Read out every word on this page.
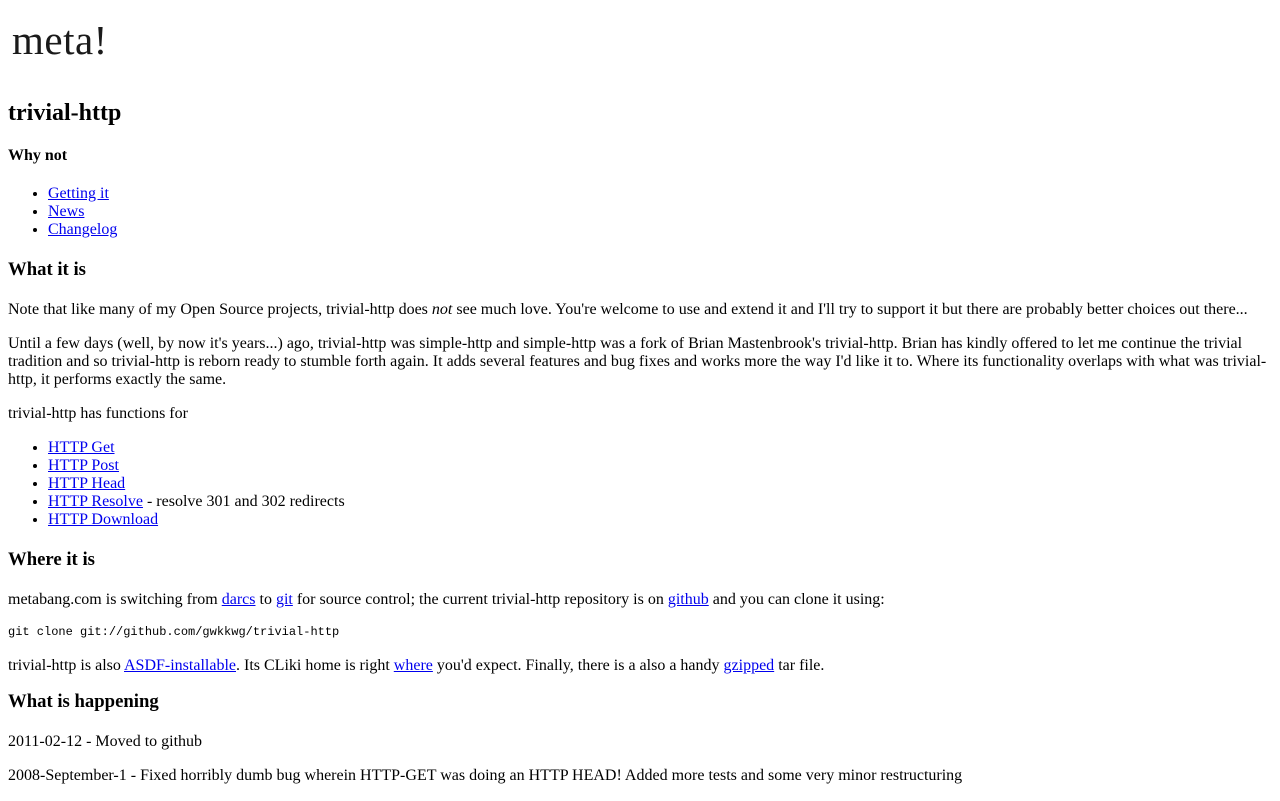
meta!
trivial-http
Why not
• Getting it
• News
• Changelog
What it is

Note that like many of my Open Source projects, trivial-http does not see much love. You're welcome to use and extend it and I'll try to support it but there are probably better choices out there...

Until a few days (well, by now it's years...) ago, trivial-http was simple-http and simple-http was a fork of Brian Mastenbrook's trivial-http. Brian has kindly offered to let me continue the trivial tradition and so trivial-http is reborn ready to stumble forth again. It adds several features and bug fixes and works more the way I'd like it to. Where its functionality overlaps with what was trivial-http, it performs exactly the same.

trivial-http has functions for

• HTTP Get
• HTTP Post
• HTTP Head
• HTTP Resolve - resolve 301 and 302 redirects
• HTTP Download
Where it is

metabang.com is switching from darcs to git for source control; the current trivial-http repository is on github and you can clone it using:

git clone git://github.com/gwkkwg/trivial-http

trivial-http is also ASDF-installable. Its CLiki home is right where you'd expect. Finally, there is a also a handy gzipped tar file.

What is happening

2011-02-12 - Moved to github

2008-September-1 - Fixed horribly dumb bug wherein HTTP-GET was doing an HTTP HEAD! Added more tests and some very minor restructuring
